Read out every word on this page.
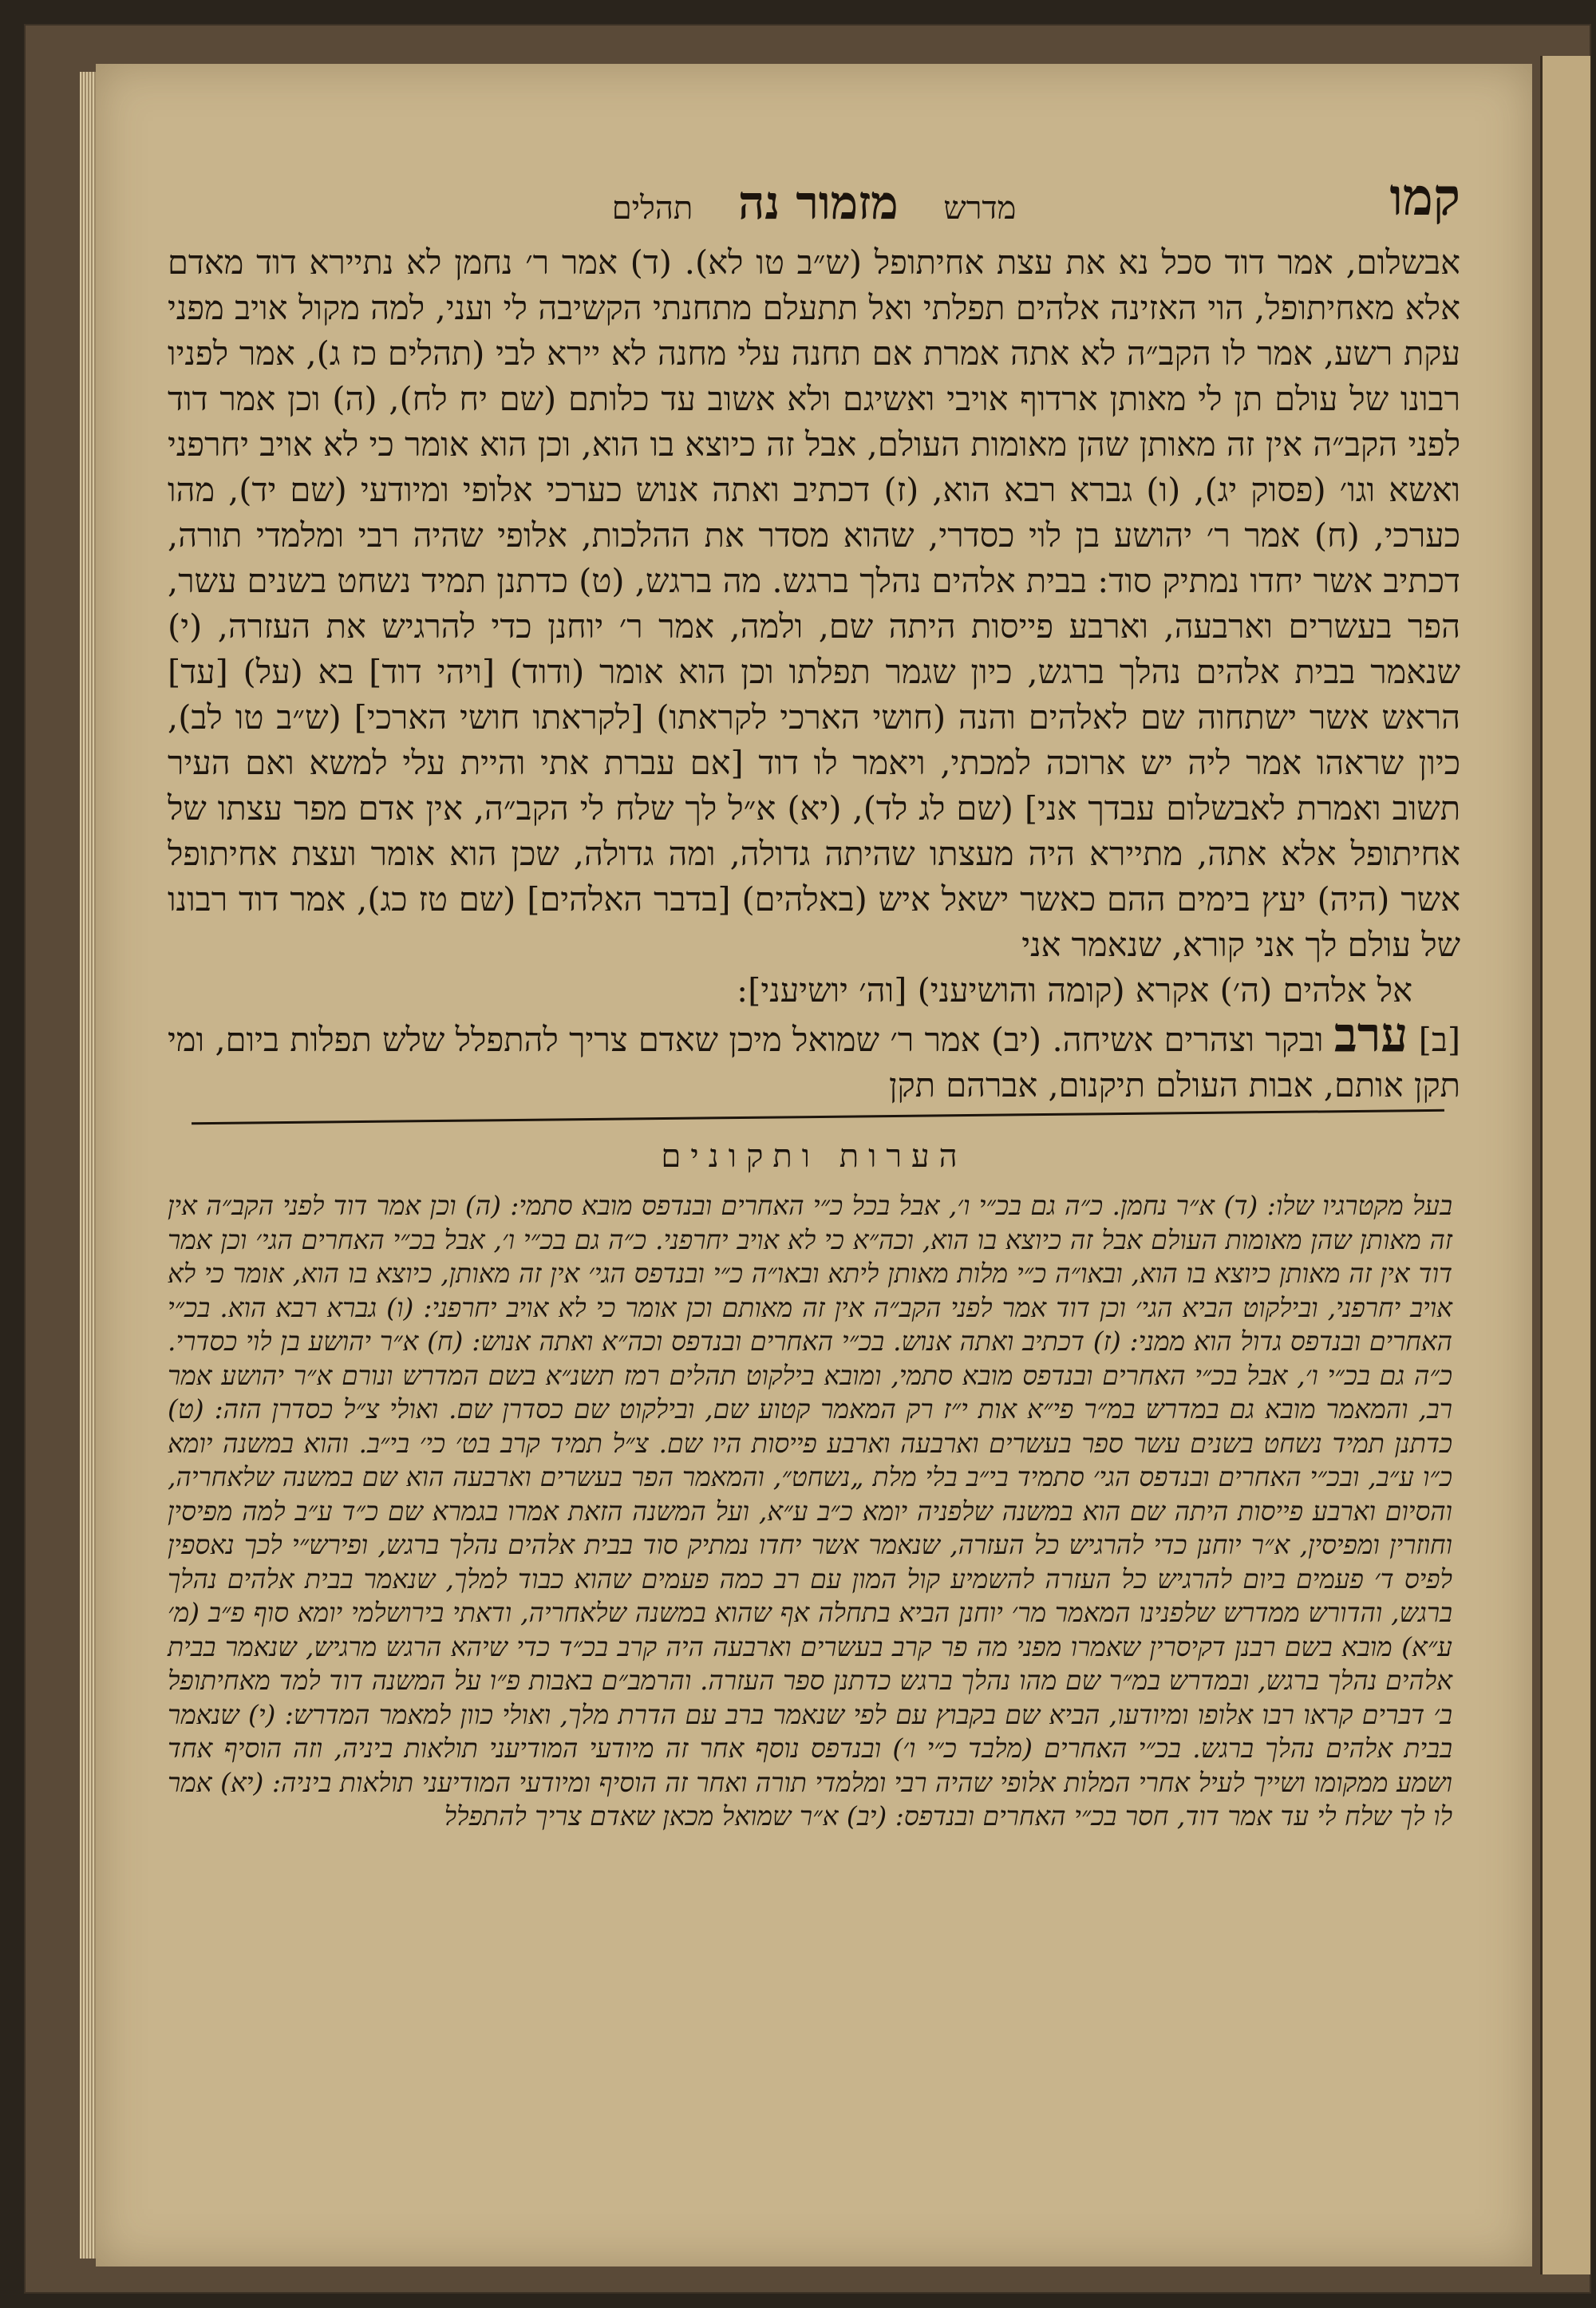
קמו
מדרש מזמור נה תהלים

אבשלום, אמר דוד סכל נא את עצת אחיתופל (ש״ב טו לא). (ד) אמר ר׳ נחמן לא נתיירא דוד מאדם אלא מאחיתופל, הוי האזינה אלהים תפלתי ואל תתעלם מתחנתי הקשיבה לי ועני, למה מקול אויב מפני עקת רשע, אמר לו הקב״ה לא אתה אמרת אם תחנה עלי מחנה לא יירא לבי (תהלים כז ג), אמר לפניו רבונו של עולם תן לי מאותן ארדוף אויבי ואשיגם ולא אשוב עד כלותם (שם יח לח), (ה) וכן אמר דוד לפני הקב״ה אין זה מאותן שהן מאומות העולם, אבל זה כיוצא בו הוא, וכן הוא אומר כי לא אויב יחרפני ואשא וגו׳ (פסוק יג), (ו) גברא רבא הוא, (ז) דכתיב ואתה אנוש כערכי אלופי ומיודעי (שם יד), מהו כערכי, (ח) אמר ר׳ יהושע בן לוי כסדרי, שהוא מסדר את ההלכות, אלופי שהיה רבי ומלמדי תורה, דכתיב אשר יחדו נמתיק סוד: בבית אלהים נהלך ברגש. מה ברגש, (ט) כדתנן תמיד נשחט בשנים עשר, הפר בעשרים וארבעה, וארבע פייסות היתה שם, ולמה, אמר ר׳ יוחנן כדי להרגיש את העזרה, (י) שנאמר בבית אלהים נהלך ברגש, כיון שגמר תפלתו וכן הוא אומר (ודוד) [ויהי דוד] בא (על) [עד] הראש אשר ישתחוה שם לאלהים והנה (חושי הארכי לקראתו) [לקראתו חושי הארכי] (ש״ב טו לב), כיון שראהו אמר ליה יש ארוכה למכתי, ויאמר לו דוד [אם עברת אתי והיית עלי למשא ואם העיר תשוב ואמרת לאבשלום עבדך אני] (שם לג לד), (יא) א״ל לך שלח לי הקב״ה, אין אדם מפר עצתו של אחיתופל אלא אתה, מתיירא היה מעצתו שהיתה גדולה, ומה גדולה, שכן הוא אומר ועצת אחיתופל אשר (היה) יעץ בימים ההם כאשר ישאל איש (באלהים) [בדבר האלהים] (שם טז כג), אמר דוד רבונו של עולם לך אני קורא, שנאמר אני

אל אלהים (ה׳) אקרא (קומה והושיעני) [וה׳ יושיעני]:

[ב] ערב ובקר וצהרים אשיחה. (יב) אמר ר׳ שמואל מיכן שאדם צריך להתפלל שלש תפלות ביום, ומי תקן אותם, אבות העולם תיקנום, אברהם תקן

הערות ותקונים

בעל מקטרגיו שלו: (ד) א״ר נחמן. כ״ה גם בכ״י ו׳, אבל בכל כ״י האחרים ובנדפס מובא סתמי: (ה) וכן אמר דוד לפני הקב״ה אין זה מאותן שהן מאומות העולם אבל זה כיוצא בו הוא, וכה״א כי לא אויב יחרפני. כ״ה גם בכ״י ו׳, אבל בכ״י האחרים הגי׳ וכן אמר דוד אין זה מאותן כיוצא בו הוא, ובאו״ה כ״י מלות מאותן ליתא ובאו״ה כ״י ובנדפס הגי׳ אין זה מאותן, כיוצא בו הוא, אומר כי לא אויב יחרפני, ובילקוט הביא הגי׳ וכן דוד אמר לפני הקב״ה אין זה מאותם וכן אומר כי לא אויב יחרפני: (ו) גברא רבא הוא. בכ״י האחרים ובנדפס גדול הוא ממני: (ז) דכתיב ואתה אנוש. בכ״י האחרים ובנדפס וכה״א ואתה אנוש: (ח) א״ר יהושע בן לוי כסדרי. כ״ה גם בכ״י ו׳, אבל בכ״י האחרים ובנדפס מובא סתמי, ומובא בילקוט תהלים רמז תשנ״א בשם המדרש ונורם א״ר יהושע אמר רב, והמאמר מובא גם במדרש במ״ר פי״א אות י״ז רק המאמר קטוע שם, ובילקוט שם כסדרן שם. ואולי צ״ל כסדרן הזה: (ט) כדתנן תמיד נשחט בשנים עשר ספר בעשרים וארבעה וארבע פייסות היו שם. צ״ל תמיד קרב בט׳ כי׳ בי״ב. והוא במשנה יומא כ״ו ע״ב, ובכ״י האחרים ובנדפס הגי׳ סתמיד בי״ב בלי מלת „נשחט״, והמאמר הפר בעשרים וארבעה הוא שם במשנה שלאחריה, והסיום וארבע פייסות היתה שם הוא במשנה שלפניה יומא כ״ב ע״א, ועל המשנה הזאת אמרו בגמרא שם כ״ד ע״ב למה מפיסין וחוזרין ומפיסין, א״ר יוחנן כדי להרגיש כל העזרה, שנאמר אשר יחדו נמתיק סוד בבית אלהים נהלך ברגש, ופירש״י לכך נאספין לפיס ד׳ פעמים ביום להרגיש כל העזרה להשמיע קול המון עם רב כמה פעמים שהוא כבוד למלך, שנאמר בבית אלהים נהלך ברגש, והדורש ממדרש שלפנינו המאמר מר׳ יוחנן הביא בתחלה אף שהוא במשנה שלאחריה, ודאתי בירושלמי יומא סוף פ״ב (מ׳ ע״א) מובא בשם רבנן דקיסרין שאמרו מפני מה פר קרב בעשרים וארבעה היה קרב בכ״ד כדי שיהא הרגש מרגיש, שנאמר בבית אלהים נהלך ברגש, ובמדרש במ״ר שם מהו נהלך ברגש כדתנן ספר העזרה. והרמב״ם באבות פ״ו על המשנה דוד למד מאחיתופל ב׳ דברים קראו רבו אלופו ומיודעו, הביא שם בקבוץ עם לפי שנאמר ברב עם הדרת מלך, ואולי כוון למאמר המדרש: (י) שנאמר בבית אלהים נהלך ברגש. בכ״י האחרים (מלבד כ״י ו׳) ובנדפס נוסף אחר זה מיודעי המודיעני תולאות ביניה, וזה הוסיף אחד ושמע ממקומו ושייך לעיל אחרי המלות אלופי שהיה רבי ומלמדי תורה ואחר זה הוסיף ומיודעי המודיעני תולאות ביניה: (יא) אמר לו לך שלח לי עד אמר דוד, חסר בכ״י האחרים ובנדפס: (יב) א״ר שמואל מכאן שאדם צריך להתפלל
